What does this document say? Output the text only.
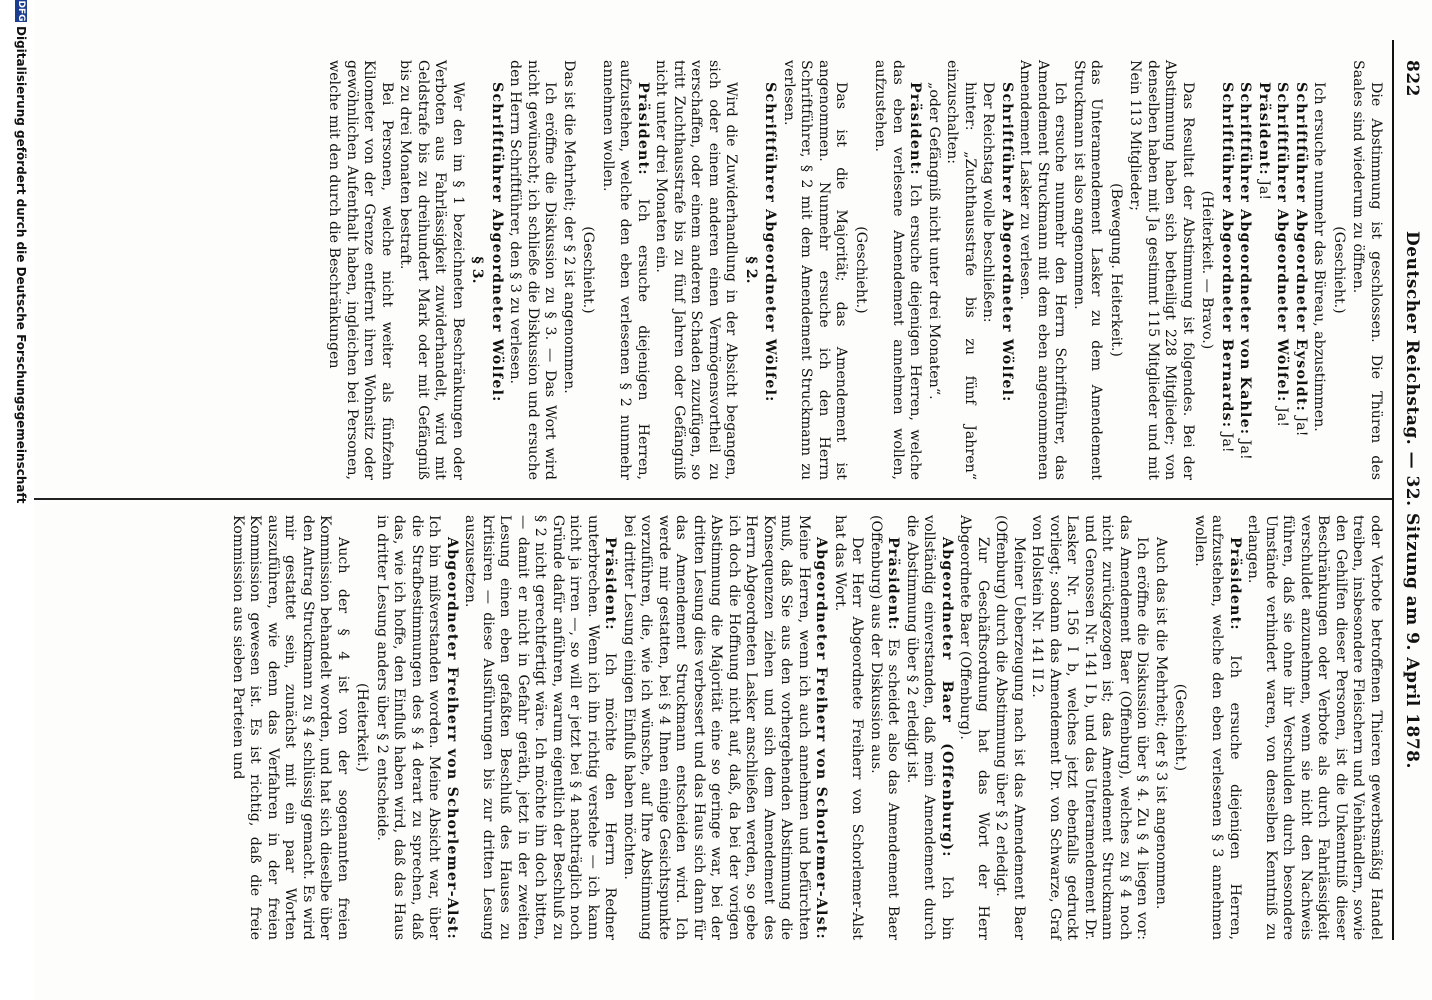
822
Deutscher Reichstag. — 32. Sitzung am 9. April 1878.

Die Abstimmung ist geschlossen. Die Thüren des Saales sind wiederum zu öffnen.

(Geschieht.)

Ich ersuche nunmehr das Büreau, abzustimmen.

Schriftführer Abgeordneter Eysoldt: Ja!

Schriftführer Abgeordneter Wölfel: Ja!

Präsident: Ja!

Schriftführer Abgeordneter von Kahle: Ja!

Schriftführer Abgeordneter Bernards: Ja!

(Heiterkeit. — Bravo.)

Das Resultat der Abstimmung ist folgendes. Bei der Abstimmung haben sich betheiligt 228 Mitglieder; von denselben haben mit Ja gestimmt 115 Mitglieder und mit Nein 113 Mitglieder;

(Bewegung. Heiterkeit.)

das Unteramendement Lasker zu dem Amendement Struckmann ist also angenommen.

Ich ersuche nunmehr den Herrn Schriftführer, das Amendement Struckmann mit dem eben angenommenen Amendement Lasker zu verlesen.

Schriftführer Abgeordneter Wölfel:

Der Reichstag wolle beschließen:

hinter: „Zuchthausstrafe bis zu fünf Jahren“ einzuschalten:

„oder Gefängniß nicht unter drei Monaten“.

Präsident: Ich ersuche diejenigen Herren, welche das eben verlesene Amendement annehmen wollen, aufzustehen.

(Geschieht.)

Das ist die Majorität; das Amendement ist angenommen. Nunmehr ersuche ich den Herrn Schriftführer, § 2 mit dem Amendement Struckmann zu verlesen.

Schriftführer Abgeordneter Wölfel:

§ 2.

Wird die Zuwiderhandlung in der Absicht begangen, sich oder einem anderen einen Vermögensvortheil zu verschaffen, oder einem anderen Schaden zuzufügen, so tritt Zuchthausstrafe bis zu fünf Jahren oder Gefängniß nicht unter drei Monaten ein.

Präsident: Ich ersuche diejenigen Herren, aufzustehen, welche den eben verlesenen § 2 nunmehr annehmen wollen.

(Geschieht.)

Das ist die Mehrheit; der § 2 ist angenommen.

Ich eröffne die Diskussion zu § 3. — Das Wort wird nicht gewünscht; ich schließe die Diskussion und ersuche den Herrn Schriftführer, den § 3 zu verlesen.

Schriftführer Abgeordneter Wölfel:

§ 3.

Wer den im § 1 bezeichneten Beschränkungen oder Verboten aus Fahrlässigkeit zuwiderhandelt, wird mit Geldstrafe bis zu dreihundert Mark oder mit Gefängniß bis zu drei Monaten bestraft.

Bei Personen, welche nicht weiter als fünfzehn Kilometer von der Grenze entfernt ihren Wohnsitz oder gewöhnlichen Aufenthalt haben, ingleichen bei Personen, welche mit den durch die Beschränkungen

oder Verbote betroffenen Thieren gewerbsmäßig Handel treiben, insbesondere Fleischern und Viehhändlern, sowie den Gehilfen dieser Personen, ist die Unkenntniß dieser Beschränkungen oder Verbote als durch Fahrlässigkeit verschuldet anzunehmen, wenn sie nicht den Nachweis führen, daß sie ohne ihr Verschulden durch besondere Umstände verhindert waren, von denselben Kenntniß zu erlangen.

Präsident: Ich ersuche diejenigen Herren, aufzustehen, welche den eben verlesenen § 3 annehmen wollen.

(Geschieht.)

Auch das ist die Mehrheit; der § 3 ist angenommen.

Ich eröffne die Diskussion über § 4. Zu § 4 liegen vor: das Amendement Baer (Offenburg), welches zu § 4 noch nicht zurückgezogen ist; das Amendement Struckmann und Genossen Nr. 141 I b, und das Unteramendement Dr. Lasker Nr. 156 I b, welches jetzt ebenfalls gedruckt vorliegt; sodann das Amendement Dr. von Schwarze, Graf von Holstein Nr. 141 II 2.

Meiner Ueberzeugung nach ist das Amendement Baer (Offenburg) durch die Abstimmung über § 2 erledigt.

Zur Geschäftsordnung hat das Wort der Herr Abgeordnete Baer (Offenburg).

Abgeordneter Baer (Offenburg): Ich bin vollständig einverstanden, daß mein Amendement durch die Abstimmung über § 2 erledigt ist.

Präsident: Es scheidet also das Amendement Baer (Offenburg) aus der Diskussion aus.

Der Herr Abgeordnete Freiherr von Schorlemer-Alst hat das Wort.

Abgeordneter Freiherr von Schorlemer-Alst: Meine Herren, wenn ich auch annehmen und befürchten muß, daß Sie aus den vorhergehenden Abstimmung die Konsequenzen ziehen und sich dem Amendement des Herrn Abgeordneten Lasker anschließen werden, so gebe ich doch die Hoffnung nicht auf, daß, da bei der vorigen Abstimmung die Majorität eine so geringe war, bei der dritten Lesung dies verbessert und das Haus sich dann für das Amendement Struckmann entscheiden wird. Ich werde mir gestatten, bei § 4 Ihnen einige Gesichtspunkte vorzuführen, die, wie ich wünsche, auf Ihre Abstimmung bei dritter Lesung einigen Einfluß haben möchten.

Präsident: Ich möchte den Herrn Redner unterbrechen. Wenn ich ihn richtig verstehe — ich kann nicht ja irren —, so will er jetzt bei § 4 nachträglich noch Gründe dafür anführen, warum eigentlich der Beschluß zu § 2 nicht gerechtfertigt wäre. Ich möchte ihn doch bitten, — damit er nicht in Gefahr geräth, jetzt in der zweiten Lesung einen eben gefaßten Beschluß des Hauses zu kritisiren — diese Ausführungen bis zur dritten Lesung auszusetzen.

Abgeordneter Freiherr von Schorlemer-Alst: Ich bin mißverstanden worden. Meine Absicht war, über die Strafbestimmungen des § 4 derart zu sprechen, daß das, wie ich hoffe, den Einfluß haben wird, daß das Haus in dritter Lesung anders über § 2 entscheide.

(Heiterkeit.)

Auch der § 4 ist von der sogenannten freien Kommission behandelt worden, und hat sich dieselbe über den Antrag Struckmann zu § 4 schlüssig gemacht. Es wird mir gestattet sein, zunächst mit ein paar Worten auszuführen, wie denn das Verfahren in der freien Kommission gewesen ist. Es ist richtig, daß die freie Kommission aus sieben Parteien und

DFG
Digitalisierung gefördert durch die Deutsche Forschungsgemeinschaft
